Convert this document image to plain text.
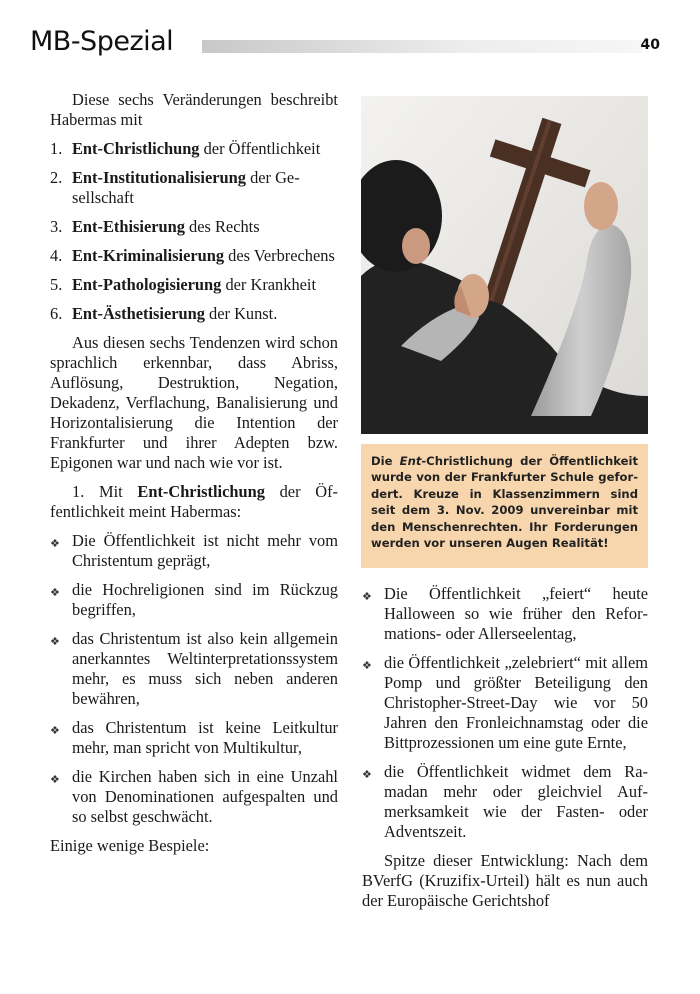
MB-Spezial	40

Diese sechs Veränderungen beschreibt Habermas mit

1. Ent-Christlichung der Öffentlichkeit
2. Ent-Institutionalisierung der Gesellschaft
3. Ent-Ethisierung des Rechts
4. Ent-Kriminalisierung des Verbrechens
5. Ent-Pathologisierung der Krankheit
6. Ent-Ästhetisierung der Kunst.

Aus diesen sechs Tendenzen wird schon sprachlich erkennbar, dass Abriss, Auflösung, Destruktion, Negation, Dekadenz, Verflachung, Banalisierung und Horizontalisierung die Intention der Frankfurter und ihrer Adepten bzw. Epigonen war und nach wie vor ist.

1. Mit Ent-Christlichung der Öffentlichkeit meint Habermas:

❖ Die Öffentlichkeit ist nicht mehr vom Christentum geprägt,
❖ die Hochreligionen sind im Rückzug begriffen,
❖ das Christentum ist also kein allgemein anerkanntes Weltinterpretationssystem mehr, es muss sich neben anderen bewähren,
❖ das Christentum ist keine Leitkultur mehr, man spricht von Multikultur,
❖ die Kirchen haben sich in eine Unzahl von Denominationen aufgespalten und so selbst geschwächt.

Einige wenige Bespiele:

Die Ent-Christlichung der Öffentlichkeit wurde von der Frankfurter Schule gefordert. Kreuze in Klassenzimmern sind seit dem 3. Nov. 2009 unvereinbar mit den Menschenrechten. Ihr Forderungen werden vor unseren Augen Realität!
❖ Die Öffentlichkeit „feiert“ heute Halloween so wie früher den Reformations- oder Allerseelentag,
❖ die Öffentlichkeit „zelebriert“ mit allem Pomp und größter Beteiligung den Christopher-Street-Day wie vor 50 Jahren den Fronleichnamstag oder die Bittprozessionen um eine gute Ernte,
❖ die Öffentlichkeit widmet dem Ramadan mehr oder gleichviel Aufmerksamkeit wie der Fasten- oder Adventszeit.

Spitze dieser Entwicklung: Nach dem BVerfG (Kruzifix-Urteil) hält es nun auch der Europäische Gerichtshof
